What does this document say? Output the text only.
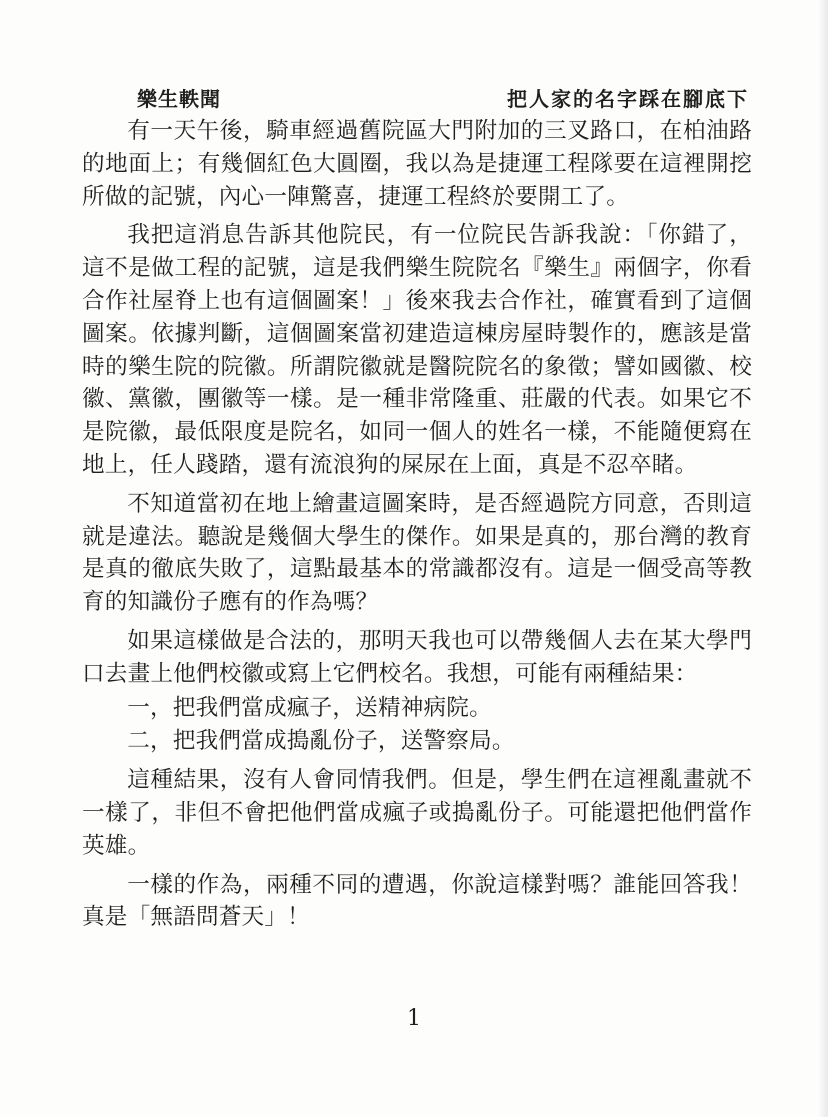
樂生軼聞	把人家的名字踩在腳底下

有一天午後，騎車經過舊院區大門附加的三叉路口，在柏油路的地面上；有幾個紅色大圓圈，我以為是捷運工程隊要在這裡開挖所做的記號，內心一陣驚喜，捷運工程終於要開工了。

我把這消息告訴其他院民，有一位院民告訴我說：「你錯了，這不是做工程的記號，這是我們樂生院院名『樂生』兩個字，你看合作社屋脊上也有這個圖案！」後來我去合作社，確實看到了這個圖案。依據判斷，這個圖案當初建造這棟房屋時製作的，應該是當時的樂生院的院徽。所謂院徽就是醫院院名的象徵；譬如國徽、校徽、黨徽，團徽等一樣。是一種非常隆重、莊嚴的代表。如果它不是院徽，最低限度是院名，如同一個人的姓名一樣，不能隨便寫在地上，任人踐踏，還有流浪狗的屎尿在上面，真是不忍卒睹。

不知道當初在地上繪畫這圖案時，是否經過院方同意，否則這就是違法。聽說是幾個大學生的傑作。如果是真的，那台灣的教育是真的徹底失敗了，這點最基本的常識都沒有。這是一個受高等教育的知識份子應有的作為嗎？

如果這樣做是合法的，那明天我也可以帶幾個人去在某大學門口去畫上他們校徽或寫上它們校名。我想，可能有兩種結果：

一，把我們當成瘋子，送精神病院。

二，把我們當成搗亂份子，送警察局。

這種結果，沒有人會同情我們。但是，學生們在這裡亂畫就不一樣了，非但不會把他們當成瘋子或搗亂份子。可能還把他們當作英雄。

一樣的作為，兩種不同的遭遇，你說這樣對嗎？誰能回答我！真是「無語問蒼天」！

1
